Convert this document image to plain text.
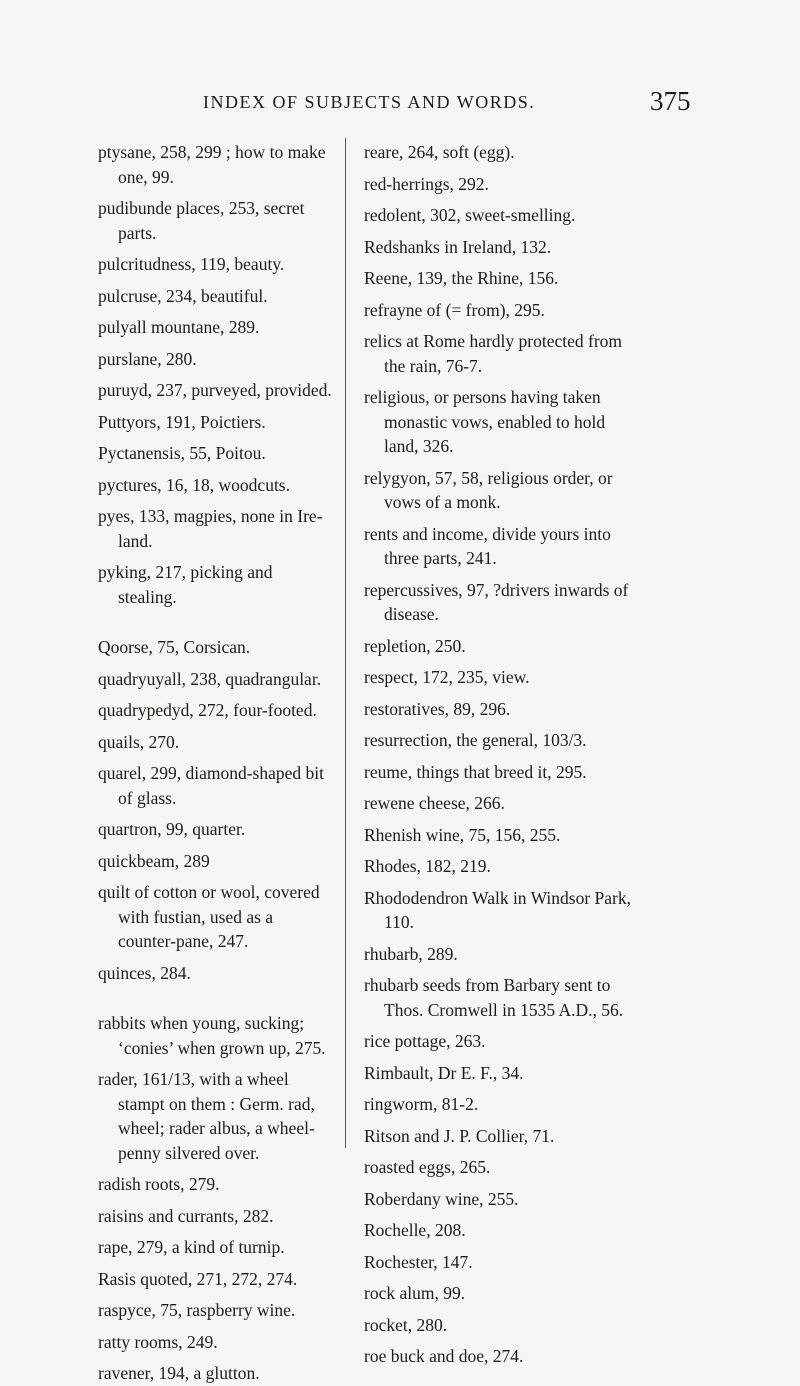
INDEX OF SUBJECTS AND WORDS.	375

ptysane, 258, 299 ; how to make one, 99.

pudibunde places, 253, secret parts.

pulcritudness, 119, beauty.

pulcruse, 234, beautiful.

pulyall mountane, 289.

purslane, 280.

puruyd, 237, purveyed, provided.

Puttyors, 191, Poictiers.

Pyctanensis, 55, Poitou.

pyctures, 16, 18, woodcuts.

pyes, 133, magpies, none in Ire-land.

pyking, 217, picking and stealing.

Qoorse, 75, Corsican.

quadryuyall, 238, quadrangular.

quadrypedyd, 272, four-footed.

quails, 270.

quarel, 299, diamond-shaped bit of glass.

quartron, 99, quarter.

quickbeam, 289

quilt of cotton or wool, covered with fustian, used as a counter-pane, 247.

quinces, 284.

rabbits when young, sucking; ‘conies’ when grown up, 275.

rader, 161/13, with a wheel stampt on them : Germ. rad, wheel; rader albus, a wheel-penny silvered over.

radish roots, 279.

raisins and currants, 282.

rape, 279, a kind of turnip.

Rasis quoted, 271, 272, 274.

raspyce, 75, raspberry wine.

ratty rooms, 249.

ravener, 194, a glutton.

reare, 264, soft (egg).

red-herrings, 292.

redolent, 302, sweet-smelling.

Redshanks in Ireland, 132.

Reene, 139, the Rhine, 156.

refrayne of (= from), 295.

relics at Rome hardly protected from the rain, 76-7.

religious, or persons having taken monastic vows, enabled to hold land, 326.

relygyon, 57, 58, religious order, or vows of a monk.

rents and income, divide yours into three parts, 241.

repercussives, 97, ?drivers inwards of disease.

repletion, 250.

respect, 172, 235, view.

restoratives, 89, 296.

resurrection, the general, 103/3.

reume, things that breed it, 295.

rewene cheese, 266.

Rhenish wine, 75, 156, 255.

Rhodes, 182, 219.

Rhododendron Walk in Windsor Park, 110.

rhubarb, 289.

rhubarb seeds from Barbary sent to Thos. Cromwell in 1535 A.D., 56.

rice pottage, 263.

Rimbault, Dr E. F., 34.

ringworm, 81-2.

Ritson and J. P. Collier, 71.

roasted eggs, 265.

Roberdany wine, 255.

Rochelle, 208.

Rochester, 147.

rock alum, 99.

rocket, 280.

roe buck and doe, 274.
